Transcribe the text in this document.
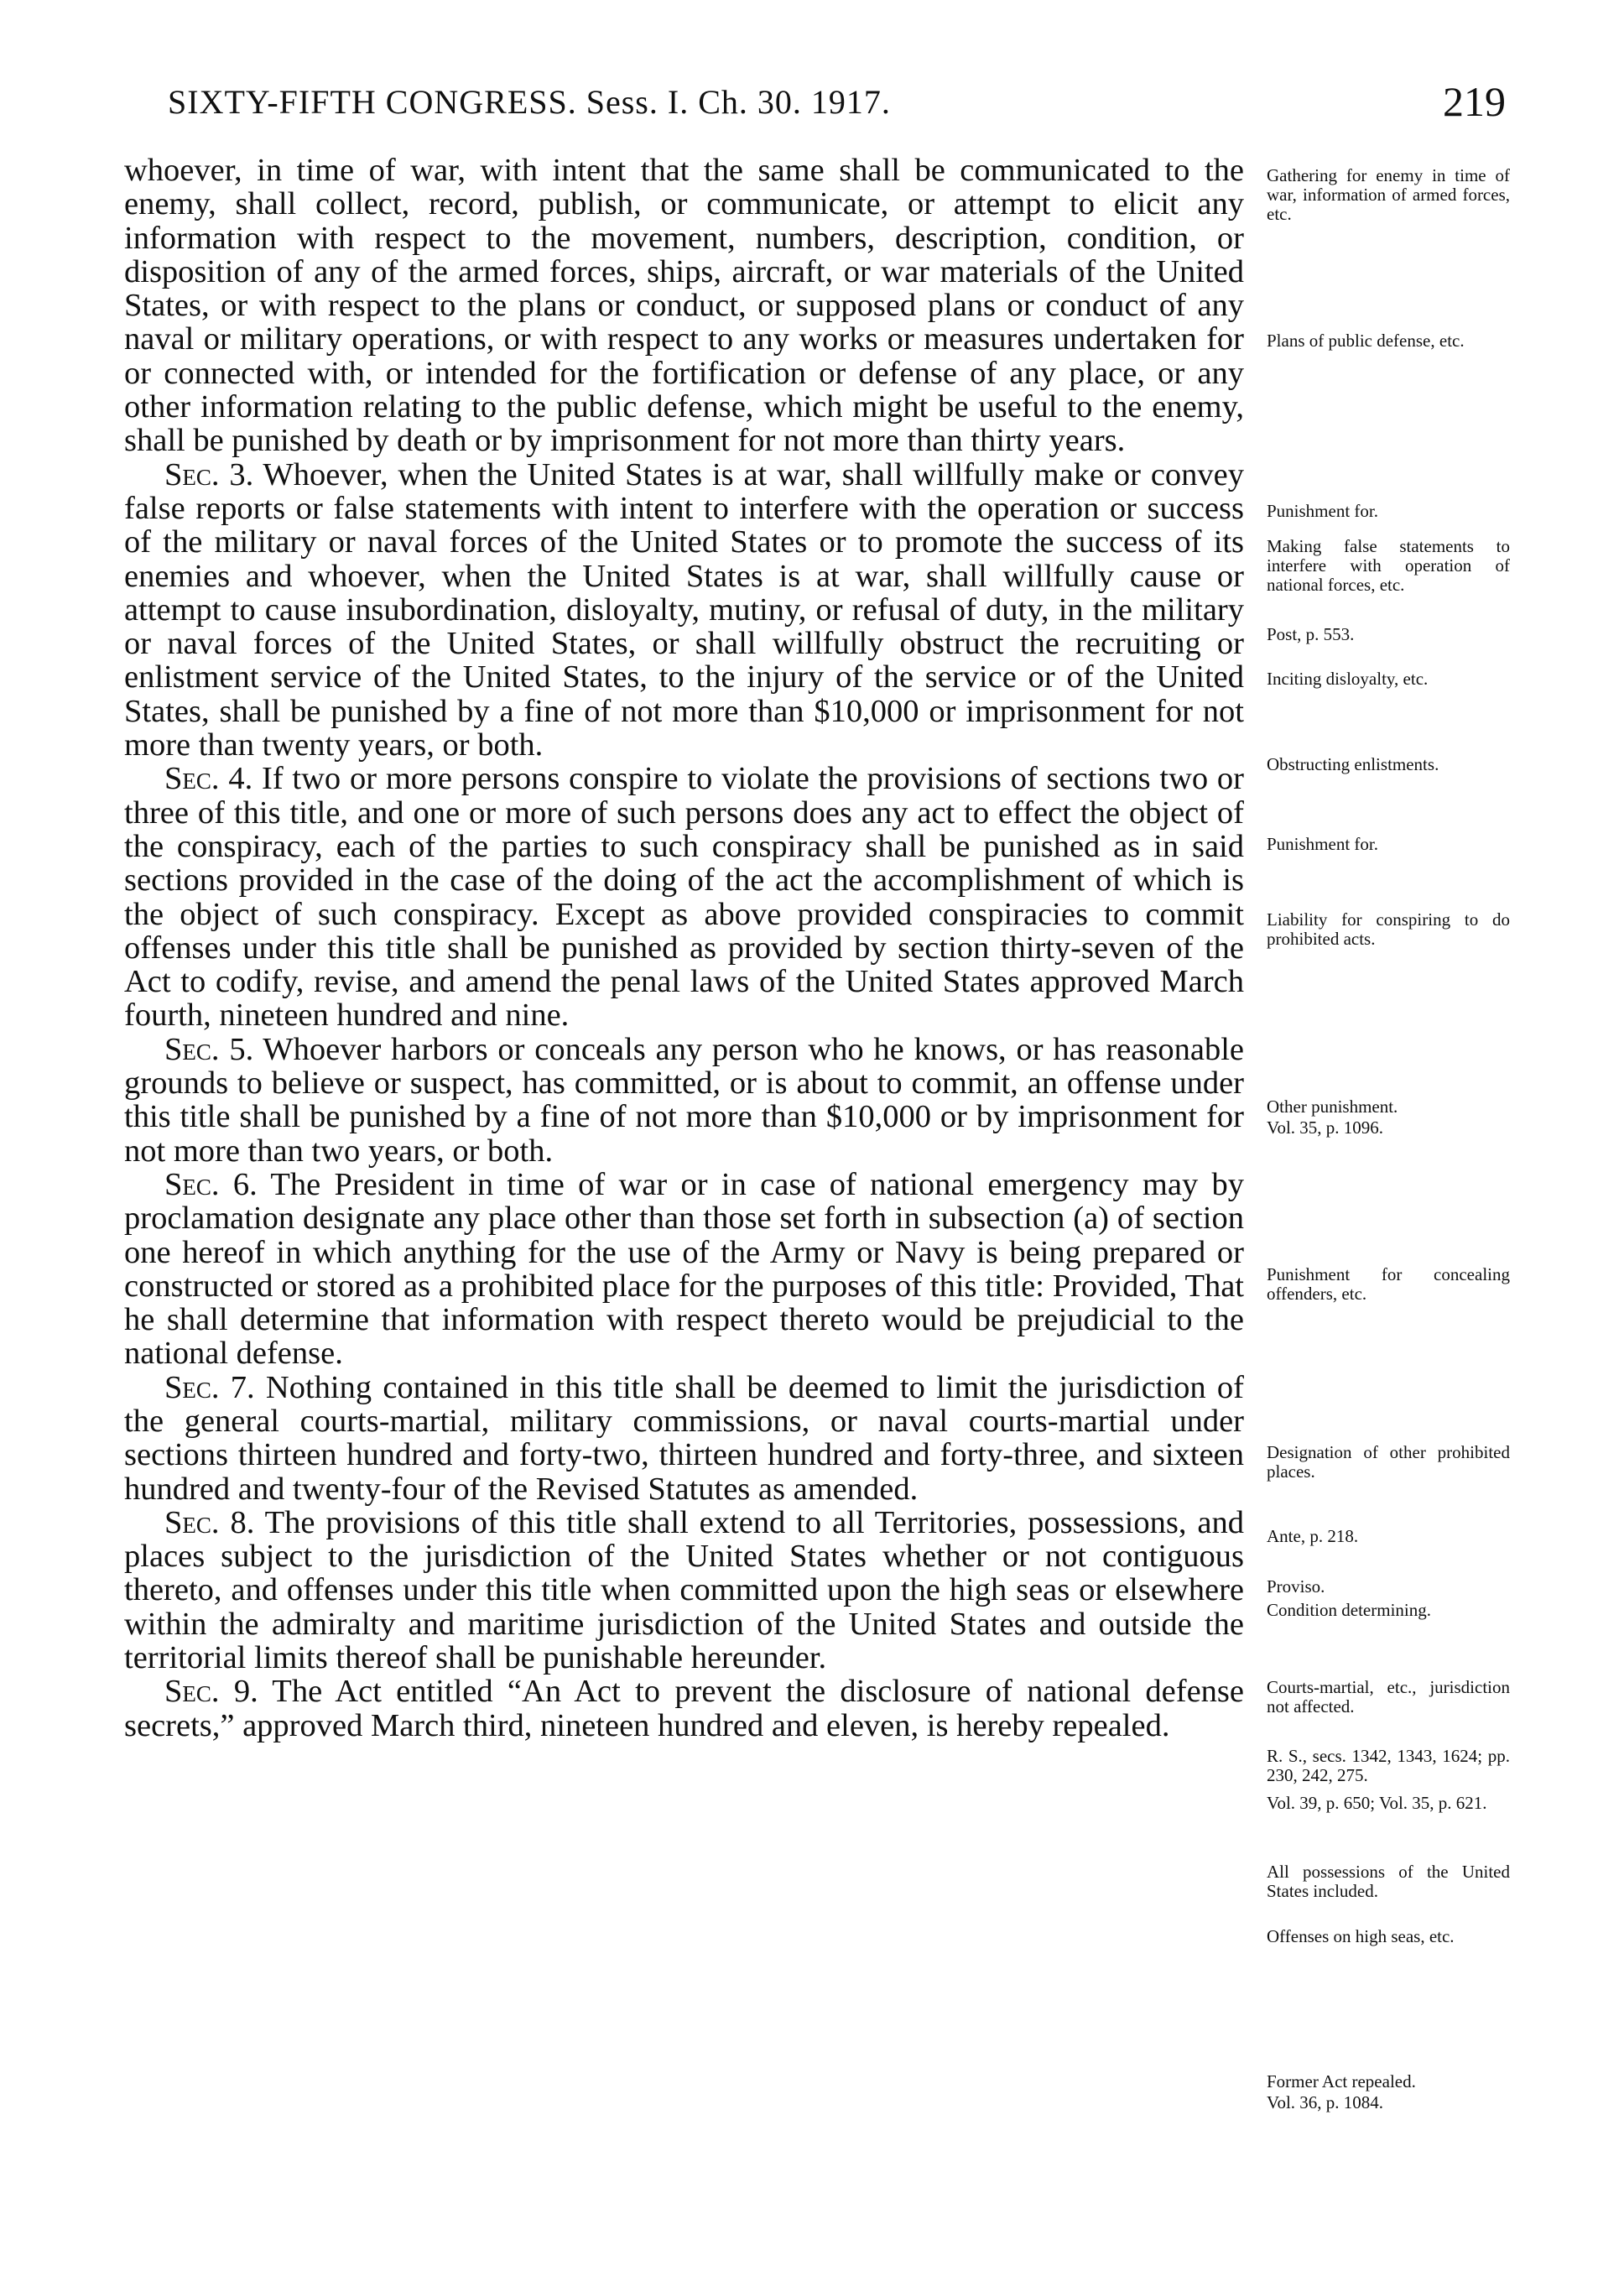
SIXTY-FIFTH CONGRESS. Sess. I. Ch. 30. 1917.	219

whoever, in time of war, with intent that the same shall be communicated to the enemy, shall collect, record, publish, or communicate, or attempt to elicit any information with respect to the movement, numbers, description, condition, or disposition of any of the armed forces, ships, aircraft, or war materials of the United States, or with respect to the plans or conduct, or supposed plans or conduct of any naval or military operations, or with respect to any works or measures undertaken for or connected with, or intended for the fortification or defense of any place, or any other information relating to the public defense, which might be useful to the enemy, shall be punished by death or by imprisonment for not more than thirty years.

Sec. 3. Whoever, when the United States is at war, shall willfully make or convey false reports or false statements with intent to interfere with the operation or success of the military or naval forces of the United States or to promote the success of its enemies and whoever, when the United States is at war, shall willfully cause or attempt to cause insubordination, disloyalty, mutiny, or refusal of duty, in the military or naval forces of the United States, or shall willfully obstruct the recruiting or enlistment service of the United States, to the injury of the service or of the United States, shall be punished by a fine of not more than $10,000 or imprisonment for not more than twenty years, or both.

Sec. 4. If two or more persons conspire to violate the provisions of sections two or three of this title, and one or more of such persons does any act to effect the object of the conspiracy, each of the parties to such conspiracy shall be punished as in said sections provided in the case of the doing of the act the accomplishment of which is the object of such conspiracy. Except as above provided conspiracies to commit offenses under this title shall be punished as provided by section thirty-seven of the Act to codify, revise, and amend the penal laws of the United States approved March fourth, nineteen hundred and nine.

Sec. 5. Whoever harbors or conceals any person who he knows, or has reasonable grounds to believe or suspect, has committed, or is about to commit, an offense under this title shall be punished by a fine of not more than $10,000 or by imprisonment for not more than two years, or both.

Sec. 6. The President in time of war or in case of national emergency may by proclamation designate any place other than those set forth in subsection (a) of section one hereof in which anything for the use of the Army or Navy is being prepared or constructed or stored as a prohibited place for the purposes of this title: Provided, That he shall determine that information with respect thereto would be prejudicial to the national defense.

Sec. 7. Nothing contained in this title shall be deemed to limit the jurisdiction of the general courts-martial, military commissions, or naval courts-martial under sections thirteen hundred and forty-two, thirteen hundred and forty-three, and sixteen hundred and twenty-four of the Revised Statutes as amended.

Sec. 8. The provisions of this title shall extend to all Territories, possessions, and places subject to the jurisdiction of the United States whether or not contiguous thereto, and offenses under this title when committed upon the high seas or elsewhere within the admiralty and maritime jurisdiction of the United States and outside the territorial limits thereof shall be punishable hereunder.

Sec. 9. The Act entitled “An Act to prevent the disclosure of national defense secrets,” approved March third, nineteen hundred and eleven, is hereby repealed.

Gathering for enemy in time of war, information of armed forces, etc.
Plans of public defense, etc.
Punishment for.
Making false statements to interfere with operation of national forces, etc.
Post, p. 553.
Inciting disloyalty, etc.
Obstructing enlistments.
Punishment for.
Liability for conspiring to do prohibited acts.
Other punishment.
Vol. 35, p. 1096.
Punishment for concealing offenders, etc.
Designation of other prohibited places.
Ante, p. 218.
Proviso.
Condition determining.
Courts-martial, etc., jurisdiction not affected.
R. S., secs. 1342, 1343, 1624; pp. 230, 242, 275.
Vol. 39, p. 650; Vol. 35, p. 621.
All possessions of the United States included.
Offenses on high seas, etc.
Former Act repealed.
Vol. 36, p. 1084.
